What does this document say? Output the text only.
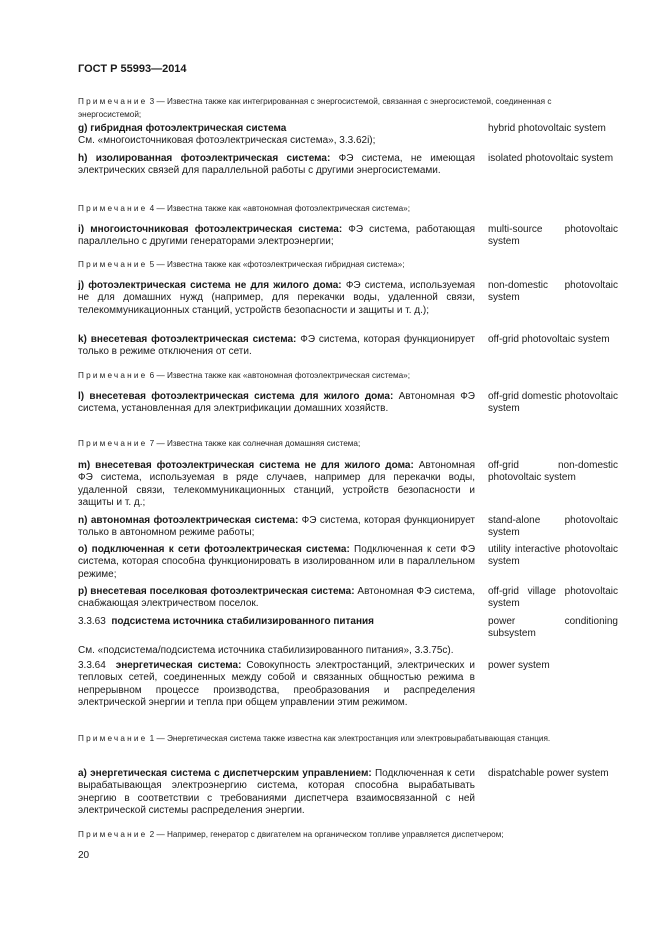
ГОСТ Р 55993—2014
Примечание 3 — Известна также как интегрированная с энергосистемой, связанная с энергосистемой, соединенная с энергосистемой;
g) гибридная фотоэлектрическая система
См. «многоисточниковая фотоэлектрическая система», 3.3.62i);
hybrid photovoltaic system
h) изолированная фотоэлектрическая система: ФЭ система, не имеющая электрических связей для параллельной работы с другими энергосистемами.
isolated photovoltaic system
Примечание 4 — Известна также как «автономная фотоэлектрическая система»;
i) многоисточниковая фотоэлектрическая система: ФЭ система, работающая параллельно с другими генераторами электроэнергии;
multi-source photovoltaic system
Примечание 5 — Известна также как «фотоэлектрическая гибридная система»;
j) фотоэлектрическая система не для жилого дома: ФЭ система, используемая не для домашних нужд (например, для перекачки воды, удаленной связи, телекоммуникационных станций, устройств безопасности и защиты и т. д.);
non-domestic photovoltaic system
k) внесетевая фотоэлектрическая система: ФЭ система, которая функционирует только в режиме отключения от сети.
off-grid photovoltaic system
Примечание 6 — Известна также как «автономная фотоэлектрическая система»;
l) внесетевая фотоэлектрическая система для жилого дома: Автономная ФЭ система, установленная для электрификации домашних хозяйств.
off-grid domestic photovoltaic system
Примечание 7 — Известна также как солнечная домашняя система;
m) внесетевая фотоэлектрическая система не для жилого дома: Автономная ФЭ система, используемая в ряде случаев, например для перекачки воды, удаленной связи, телекоммуникационных станций, устройств безопасности и защиты и т. д.;
off-grid non-domestic photovoltaic system
n) автономная фотоэлектрическая система: ФЭ система, которая функционирует только в автономном режиме работы;
stand-alone photovoltaic system
o) подключенная к сети фотоэлектрическая система: Подключенная к сети ФЭ система, которая способна функционировать в изолированном или в параллельном режиме;
utility interactive photovoltaic system
p) внесетевая поселковая фотоэлектрическая система: Автономная ФЭ система, снабжающая электричеством поселок.
off-grid village photovoltaic system
3.3.63 подсистема источника стабилизированного питания	power conditioning subsystem
См. «подсистема/подсистема источника стабилизированного питания», 3.3.75c).
3.3.64 энергетическая система: Совокупность электростанций, электрических и тепловых сетей, соединенных между собой и связанных общностью режима в непрерывном процессе производства, преобразования и распределения электрической энергии и тепла при общем управлении этим режимом.
power system
Примечание 1 — Энергетическая система также известна как электростанция или электровырабатывающая станция.
a) энергетическая система с диспетчерским управлением: Подключенная к сети вырабатывающая электроэнергию система, которая способна вырабатывать энергию в соответствии с требованиями диспетчера взаимосвязанной с ней электрической системы распределения энергии.
dispatchable power system
Примечание 2 — Например, генератор с двигателем на органическом топливе управляется диспетчером;
20
